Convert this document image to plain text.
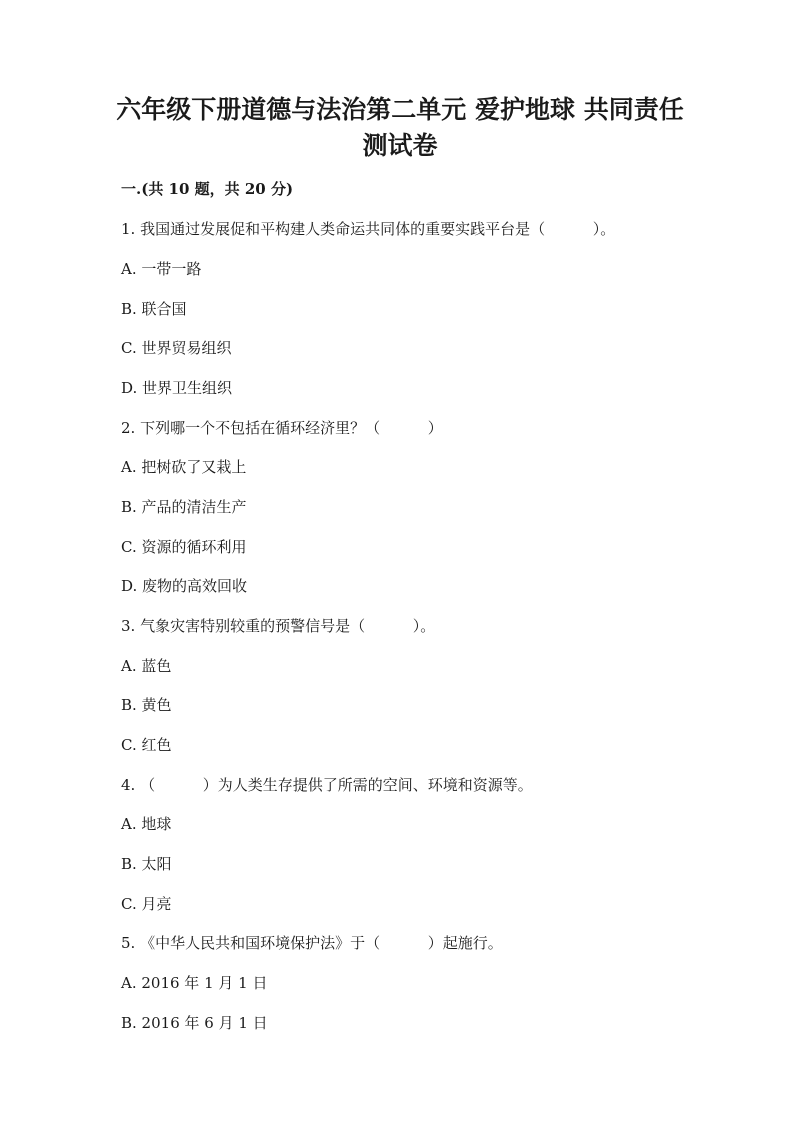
六年级下册道德与法治第二单元 爱护地球 共同责任 测试卷
一.(共 10 题，共 20 分)
1. 我国通过发展促和平构建人类命运共同体的重要实践平台是（          ）。
A. 一带一路
B. 联合国
C. 世界贸易组织
D. 世界卫生组织
2. 下列哪一个不包括在循环经济里？（          ）
A. 把树砍了又栽上
B. 产品的清洁生产
C. 资源的循环利用
D. 废物的高效回收
3. 气象灾害特别较重的预警信号是（          ）。
A. 蓝色
B. 黄色
C. 红色
4. （          ）为人类生存提供了所需的空间、环境和资源等。
A. 地球
B. 太阳
C. 月亮
5. 《中华人民共和国环境保护法》于（          ）起施行。
A. 2016 年 1 月 1 日
B. 2016 年 6 月 1 日
